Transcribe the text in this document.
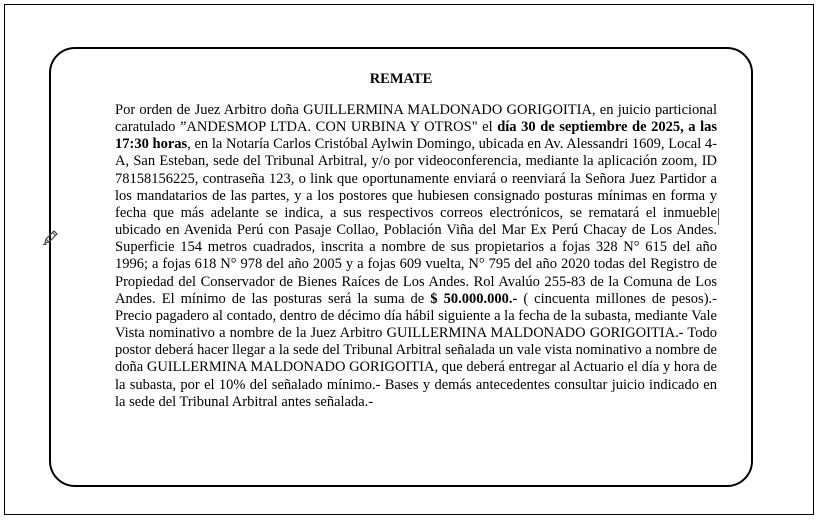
REMATE

Por orden de Juez Arbitro doña GUILLERMINA MALDONADO GORIGOITIA, en juicio particional caratulado ”ANDESMOP LTDA. CON URBINA Y OTROS" el día 30 de septiembre de 2025, a las 17:30 horas, en la Notaría Carlos Cristóbal Aylwin Domingo, ubicada en Av. Alessandri 1609, Local 4-A, San Esteban, sede del Tribunal Arbitral, y/o por videoconferencia, mediante la aplicación zoom, ID 78158156225, contraseña 123, o link que oportunamente enviará o reenviará la Señora Juez Partidor a los mandatarios de las partes, y a los postores que hubiesen consignado posturas mínimas en forma y fecha que más adelante se indica, a sus respectivos correos electrónicos, se rematará el inmueble ubicado en Avenida Perú con Pasaje Collao, Población Viña del Mar Ex Perú Chacay de Los Andes. Superficie 154 metros cuadrados, inscrita a nombre de sus propietarios a fojas 328 N° 615 del año 1996; a fojas 618 N° 978 del año 2005 y a fojas 609 vuelta, N° 795 del año 2020 todas del Registro de Propiedad del Conservador de Bienes Raíces de Los Andes. Rol Avalúo 255-83 de la Comuna de Los Andes. El mínimo de las posturas será la suma de $ 50.000.000.- ( cincuenta millones de pesos).- Precio pagadero al contado, dentro de décimo día hábil siguiente a la fecha de la subasta, mediante Vale Vista nominativo a nombre de la Juez Arbitro GUILLERMINA MALDONADO GORIGOITIA.- Todo postor deberá hacer llegar a la sede del Tribunal Arbitral señalada un vale vista nominativo a nombre de doña GUILLERMINA MALDONADO GORIGOITIA, que deberá entregar al Actuario el día y hora de la subasta, por el 10% del señalado mínimo.- Bases y demás antecedentes consultar juicio indicado en la sede del Tribunal Arbitral antes señalada.-
